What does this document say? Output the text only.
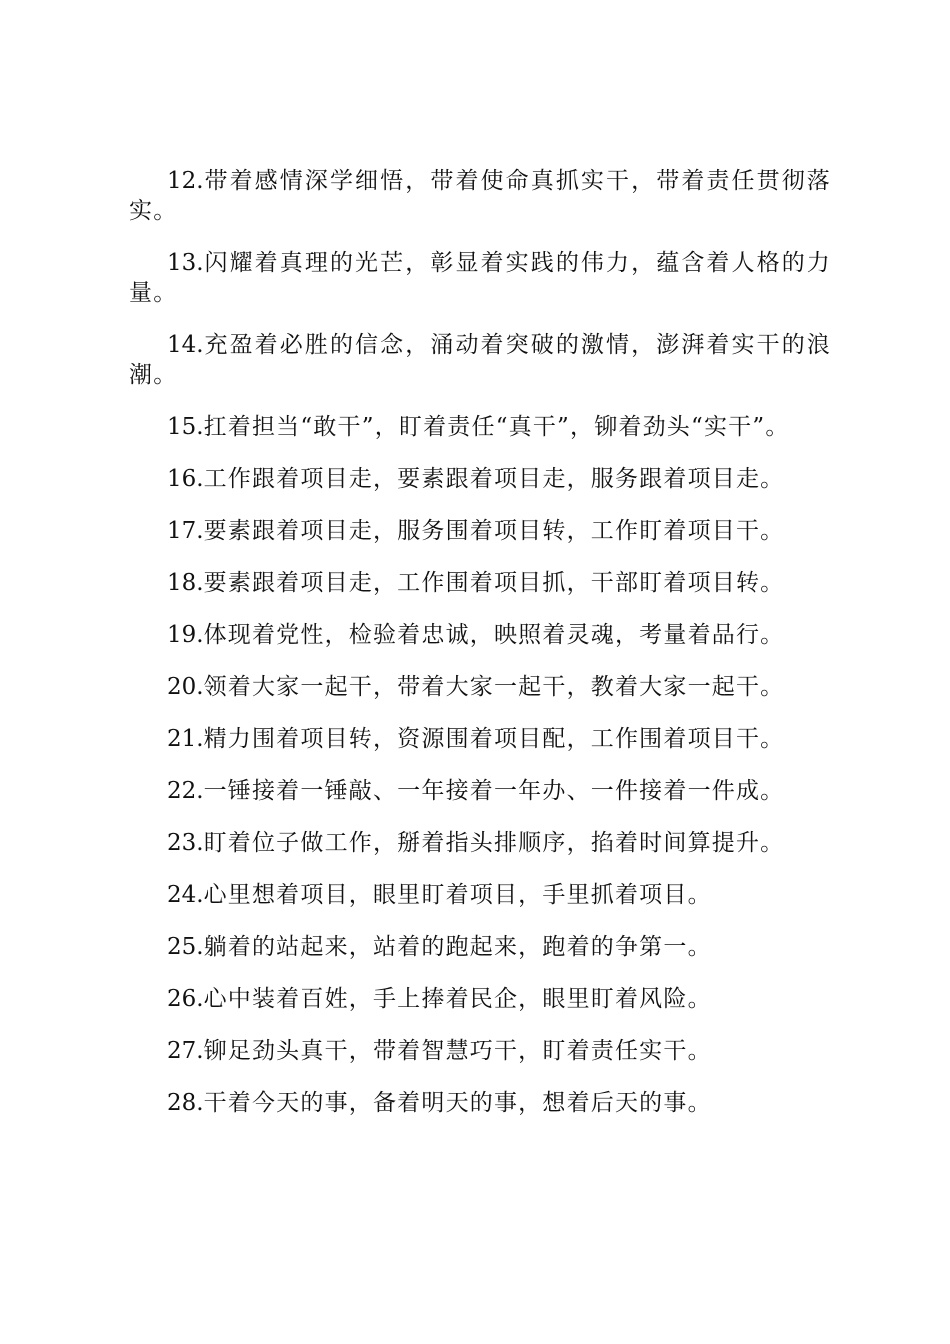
12.带着感情深学细悟，带着使命真抓实干，带着责任贯彻落实。

13.闪耀着真理的光芒，彰显着实践的伟力，蕴含着人格的力量。

14.充盈着必胜的信念，涌动着突破的激情，澎湃着实干的浪潮。

15.扛着担当“敢干”，盯着责任“真干”，铆着劲头“实干”。

16.工作跟着项目走，要素跟着项目走，服务跟着项目走。

17.要素跟着项目走，服务围着项目转，工作盯着项目干。

18.要素跟着项目走，工作围着项目抓，干部盯着项目转。

19.体现着党性，检验着忠诚，映照着灵魂，考量着品行。

20.领着大家一起干，带着大家一起干，教着大家一起干。

21.精力围着项目转，资源围着项目配，工作围着项目干。

22.一锤接着一锤敲、一年接着一年办、一件接着一件成。

23.盯着位子做工作，掰着指头排顺序，掐着时间算提升。

24.心里想着项目，眼里盯着项目，手里抓着项目。

25.躺着的站起来，站着的跑起来，跑着的争第一。

26.心中装着百姓，手上捧着民企，眼里盯着风险。

27.铆足劲头真干，带着智慧巧干，盯着责任实干。

28.干着今天的事，备着明天的事，想着后天的事。
